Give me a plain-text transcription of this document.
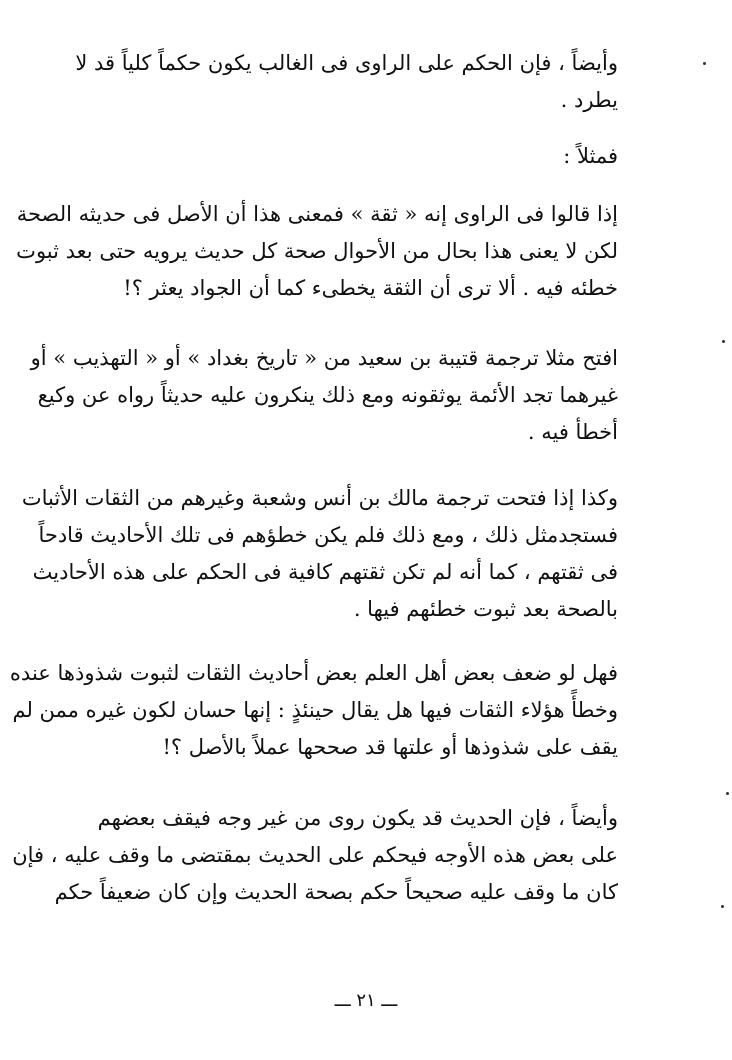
وأيضاً ، فإن الحكم على الراوى فى الغالب يكون حكماً كلياً قد لا
يطرد .
فمثلاً :
إذا قالوا فى الراوى إنه « ثقة » فمعنى هذا أن الأصل فى حديثه الصحة
لكن لا يعنى هذا بحال من الأحوال صحة كل حديث يرويه حتى بعد ثبوت
خطئه فيه . ألا ترى أن الثقة يخطىء كما أن الجواد يعثر ؟!
افتح مثلا ترجمة قتيبة بن سعيد من « تاريخ بغداد » أو « التهذيب » أو
غيرهما تجد الأئمة يوثقونه ومع ذلك ينكرون عليه حديثاً رواه عن وكيع
أخطأ فيه .
وكذا إذا فتحت ترجمة مالك بن أنس وشعبة وغيرهم من الثقات الأثبات
فستجدمثل ذلك ، ومع ذلك فلم يكن خطؤهم فى تلك الأحاديث قادحاً
فى ثقتهم ، كما أنه لم تكن ثقتهم كافية فى الحكم على هذه الأحاديث
بالصحة بعد ثبوت خطئهم فيها .
فهل لو ضعف بعض أهل العلم بعض أحاديث الثقات لثبوت شذوذها عنده
وخطأً هؤلاء الثقات فيها هل يقال حينئذٍ : إنها حسان لكون غيره ممن لم
يقف على شذوذها أو علتها قد صححها عملاً بالأصل ؟!
وأيضاً ، فإن الحديث قد يكون روى من غير وجه فيقف بعضهم
على بعض هذه الأوجه فيحكم على الحديث بمقتضى ما وقف عليه ، فإن
كان ما وقف عليه صحيحاً حكم بصحة الحديث وإن كان ضعيفاً حكم
ـــ ٢١ ـــ
